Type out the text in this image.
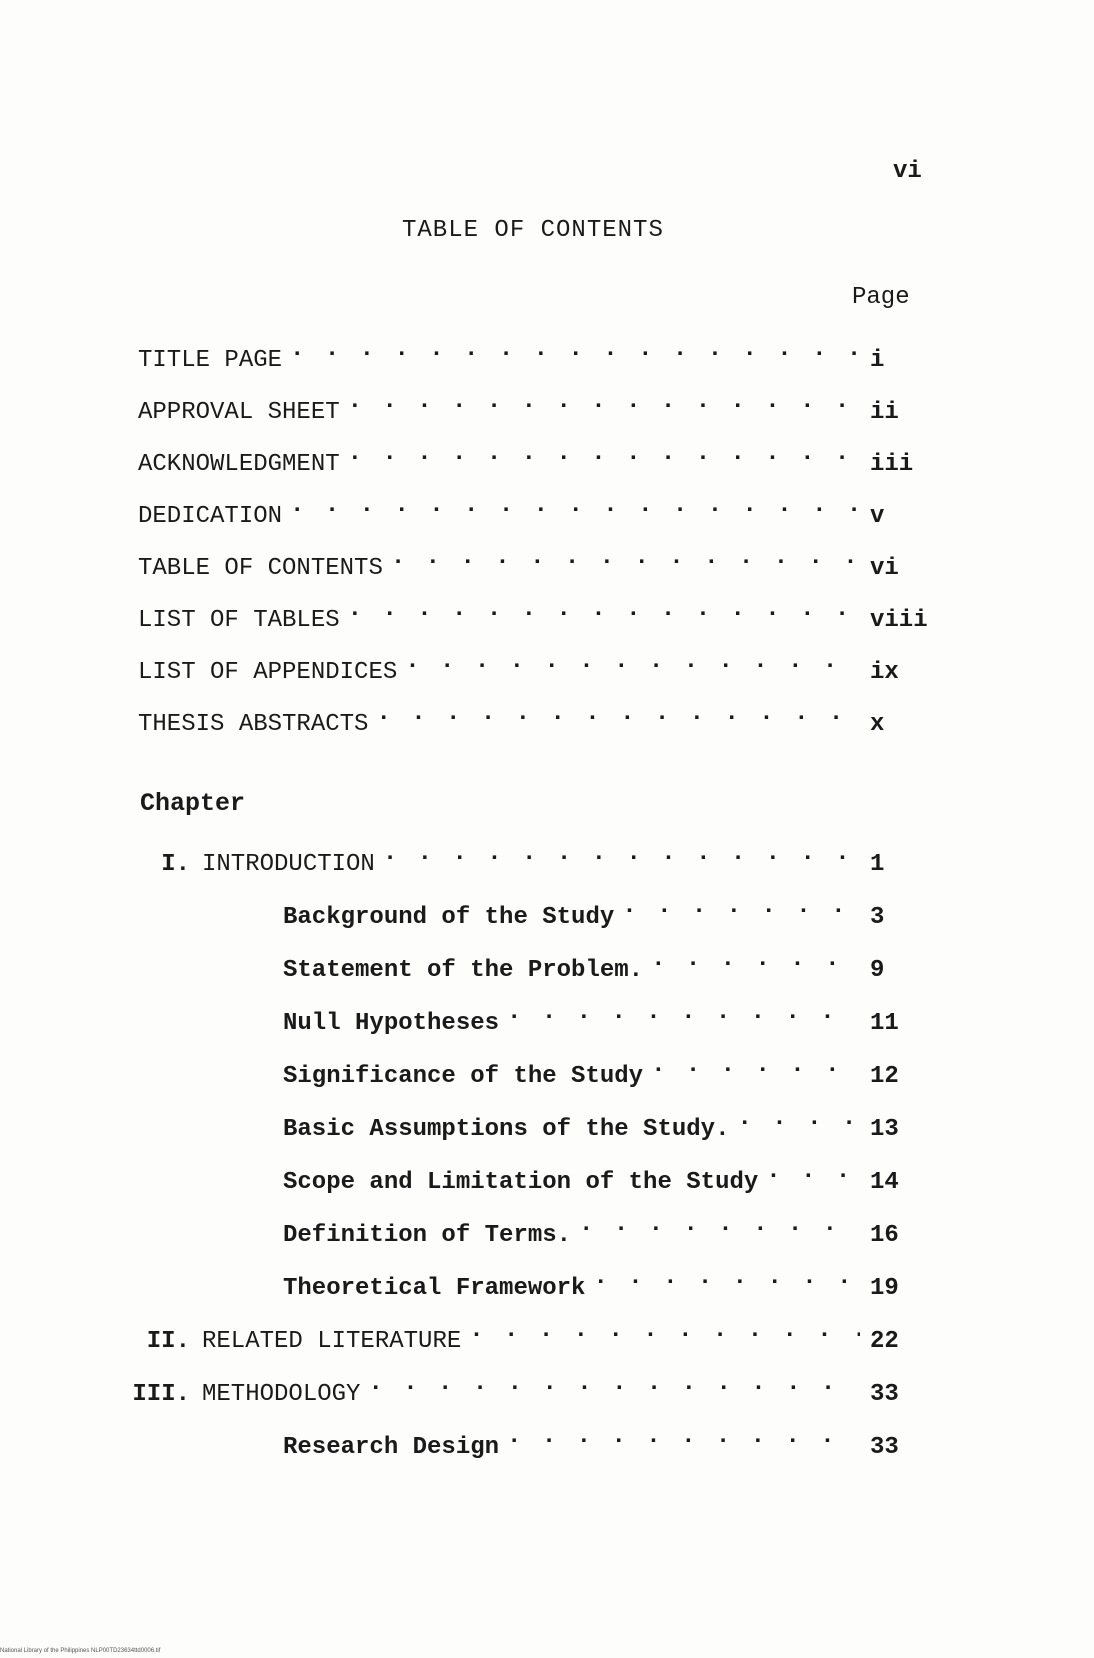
vi
TABLE OF CONTENTS
Page
TITLE PAGE . . .	i
APPROVAL SHEET . . .	ii
ACKNOWLEDGMENT . . .	iii
DEDICATION . . .	v
TABLE OF CONTENTS . . .	vi
LIST OF TABLES . . .	viii
LIST OF APPENDICES . . .	ix
THESIS ABSTRACTS . . .	x
Chapter
I. INTRODUCTION . . .	1
Background of the Study . . .	3
Statement of the Problem. . . .	9
Null Hypotheses . . .	11
Significance of the Study . . .	12
Basic Assumptions of the Study. . . .	13
Scope and Limitation of the Study . . .	14
Definition of Terms. . . .	16
Theoretical Framework . . .	19
II. RELATED LITERATURE . . .	22
III. METHODOLOGY . . .	33
Research Design . . .	33
National Library of the Philippines NLP00TD23634ttd0006.tif
